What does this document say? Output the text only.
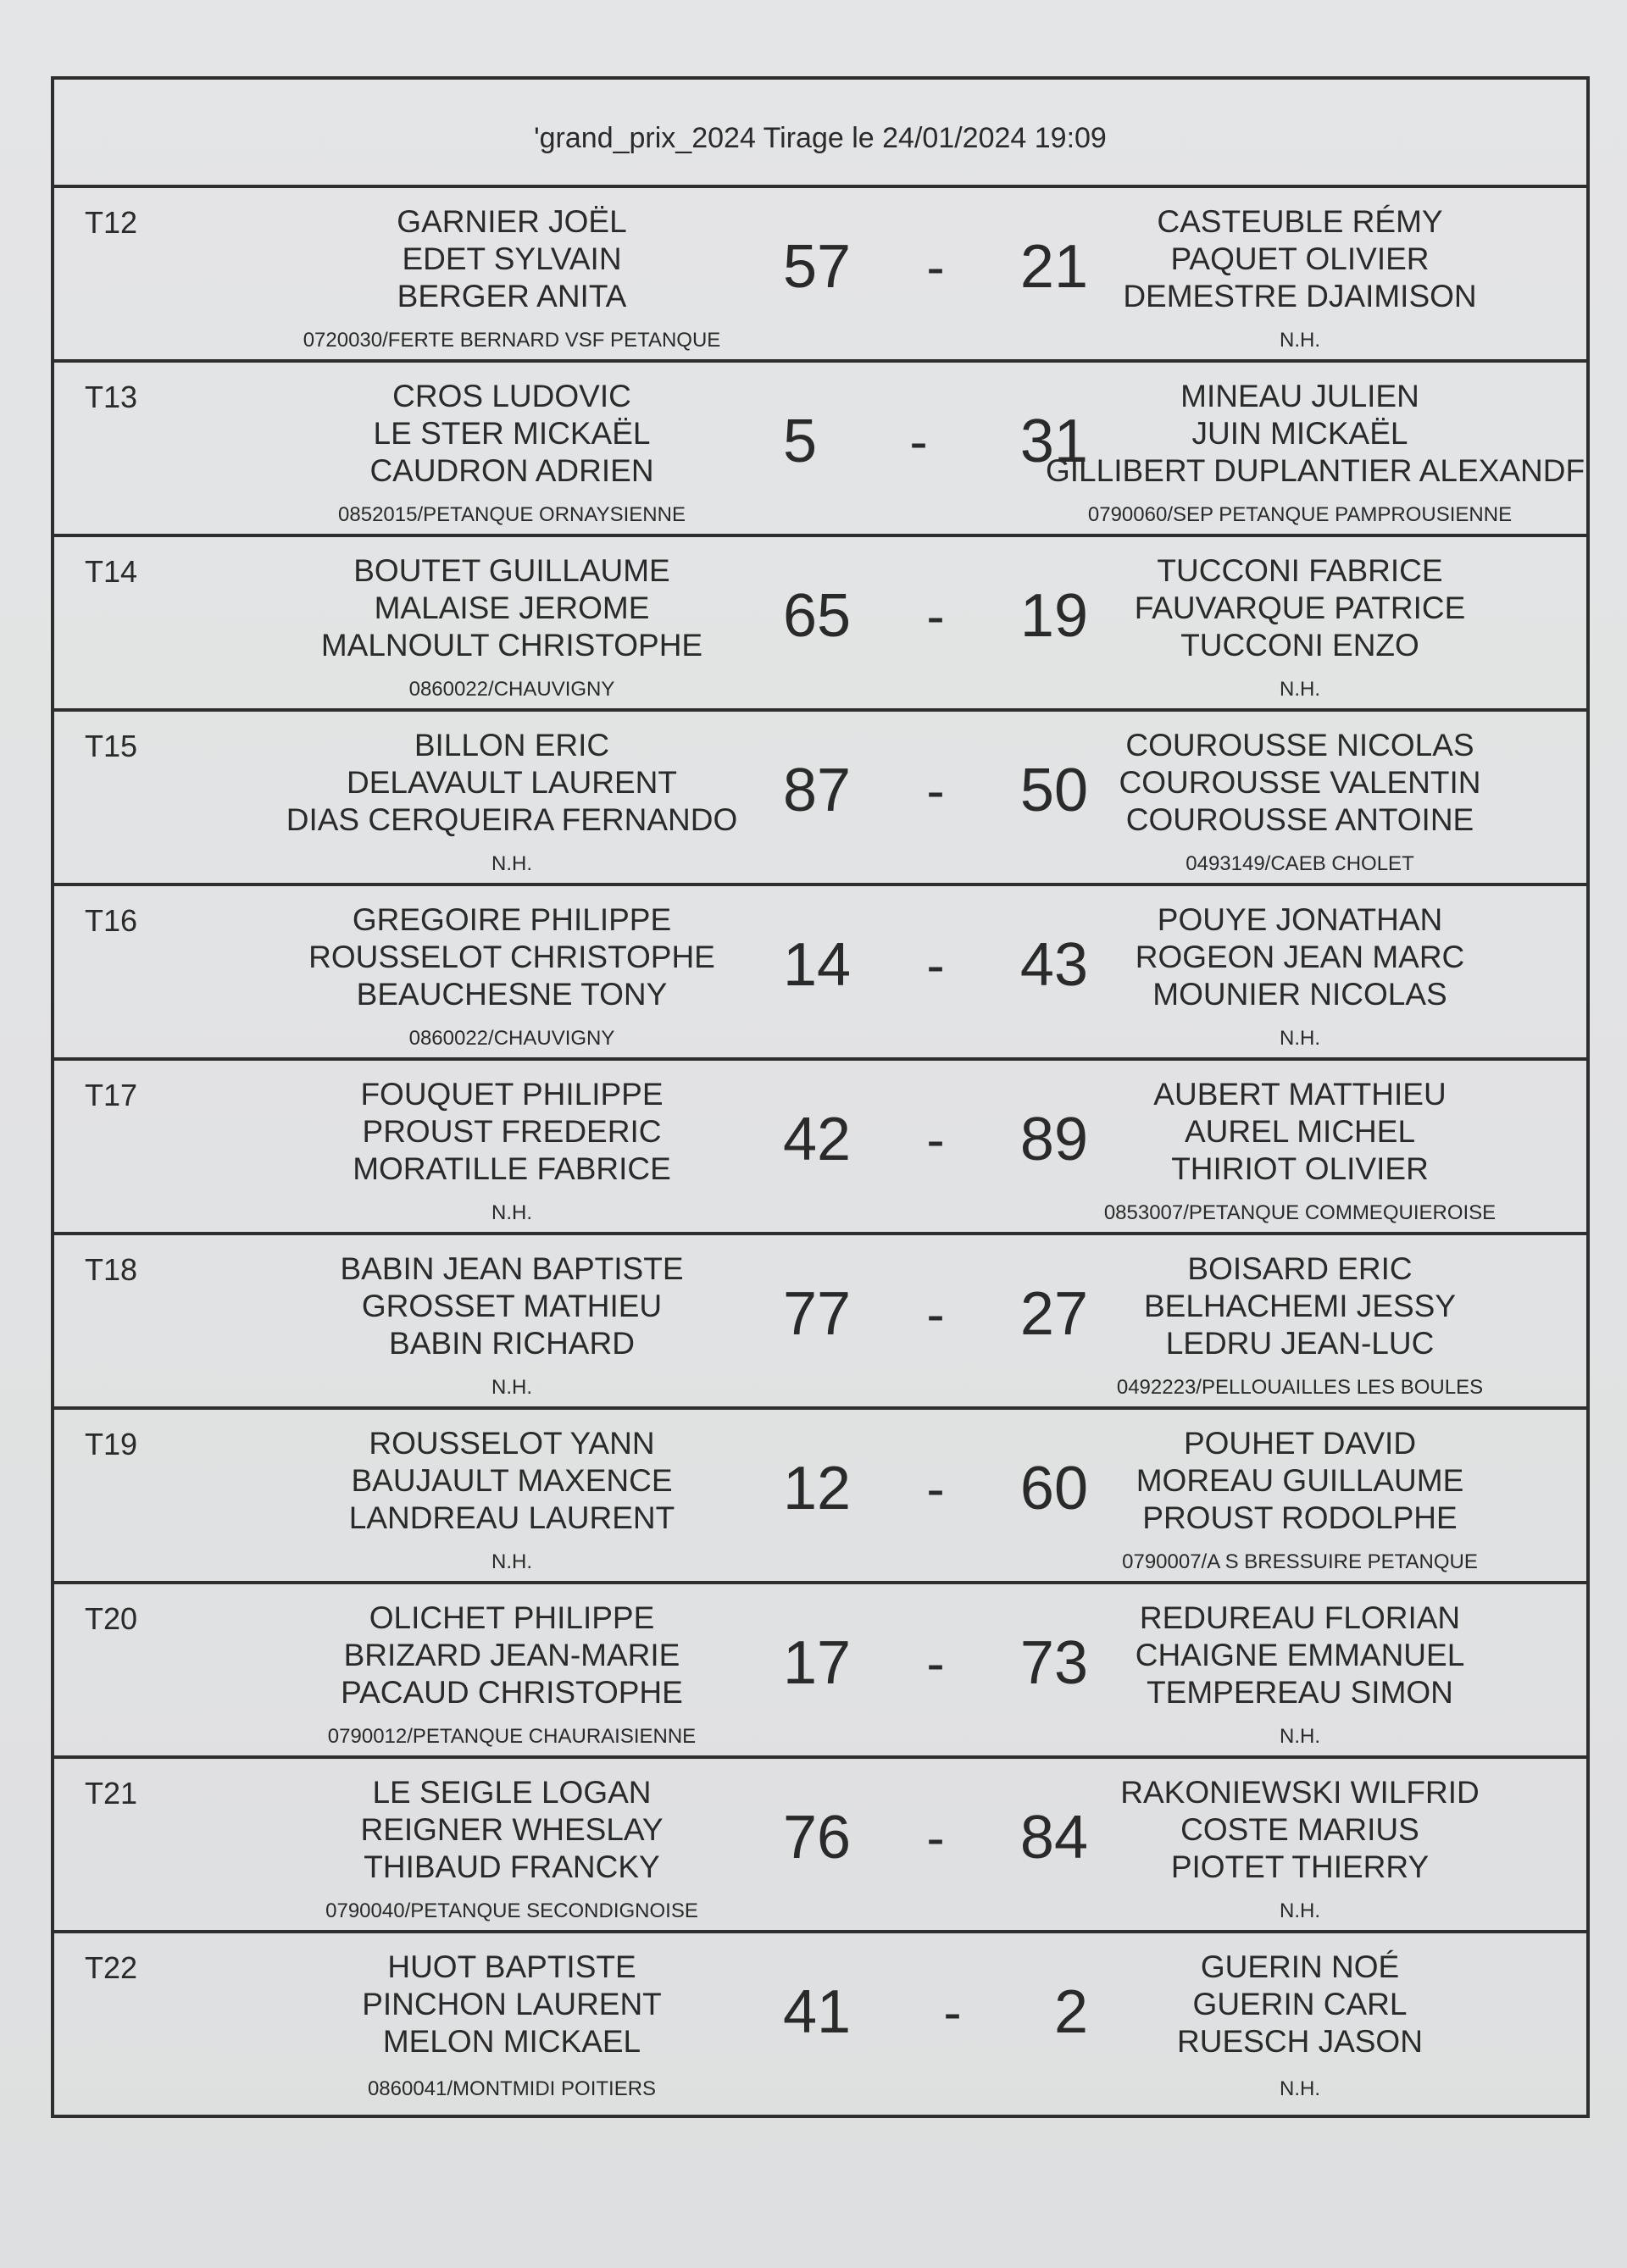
'grand_prix_2024 Tirage le 24/01/2024 19:09
T12	GARNIER JOËL
EDET SYLVAIN
BERGER ANITA
0720030/FERTE BERNARD VSF PETANQUE
57 - 21
CASTEUBLE RÉMY
PAQUET OLIVIER
DEMESTRE DJAIMISON
N.H.
T13	CROS LUDOVIC
LE STER MICKAËL
CAUDRON ADRIEN
0852015/PETANQUE ORNAYSIENNE
5 - 31
MINEAU JULIEN
JUIN MICKAËL
GILLIBERT DUPLANTIER ALEXANDF
0790060/SEP PETANQUE PAMPROUSIENNE
T14	BOUTET GUILLAUME
MALAISE JEROME
MALNOULT CHRISTOPHE
0860022/CHAUVIGNY
65 - 19
TUCCONI FABRICE
FAUVARQUE PATRICE
TUCCONI ENZO
N.H.
T15	BILLON ERIC
DELAVAULT LAURENT
DIAS CERQUEIRA FERNANDO
N.H.
87 - 50
COUROUSSE NICOLAS
COUROUSSE VALENTIN
COUROUSSE ANTOINE
0493149/CAEB CHOLET
T16	GREGOIRE PHILIPPE
ROUSSELOT CHRISTOPHE
BEAUCHESNE TONY
0860022/CHAUVIGNY
14 - 43
POUYE JONATHAN
ROGEON JEAN MARC
MOUNIER NICOLAS
N.H.
T17	FOUQUET PHILIPPE
PROUST FREDERIC
MORATILLE FABRICE
N.H.
42 - 89
AUBERT MATTHIEU
AUREL MICHEL
THIRIOT OLIVIER
0853007/PETANQUE COMMEQUIEROISE
T18	BABIN JEAN BAPTISTE
GROSSET MATHIEU
BABIN RICHARD
N.H.
77 - 27
BOISARD ERIC
BELHACHEMI JESSY
LEDRU JEAN-LUC
0492223/PELLOUAILLES LES BOULES
T19	ROUSSELOT YANN
BAUJAULT MAXENCE
LANDREAU LAURENT
N.H.
12 - 60
POUHET DAVID
MOREAU GUILLAUME
PROUST RODOLPHE
0790007/A S BRESSUIRE PETANQUE
T20	OLICHET PHILIPPE
BRIZARD JEAN-MARIE
PACAUD CHRISTOPHE
0790012/PETANQUE CHAURAISIENNE
17 - 73
REDUREAU FLORIAN
CHAIGNE EMMANUEL
TEMPEREAU SIMON
N.H.
T21	LE SEIGLE LOGAN
REIGNER WHESLAY
THIBAUD FRANCKY
0790040/PETANQUE SECONDIGNOISE
76 - 84
RAKONIEWSKI WILFRID
COSTE MARIUS
PIOTET THIERRY
N.H.
T22	HUOT BAPTISTE
PINCHON LAURENT
MELON MICKAEL
0860041/MONTMIDI POITIERS
41 - 2
GUERIN NOÉ
GUERIN CARL
RUESCH JASON
N.H.
